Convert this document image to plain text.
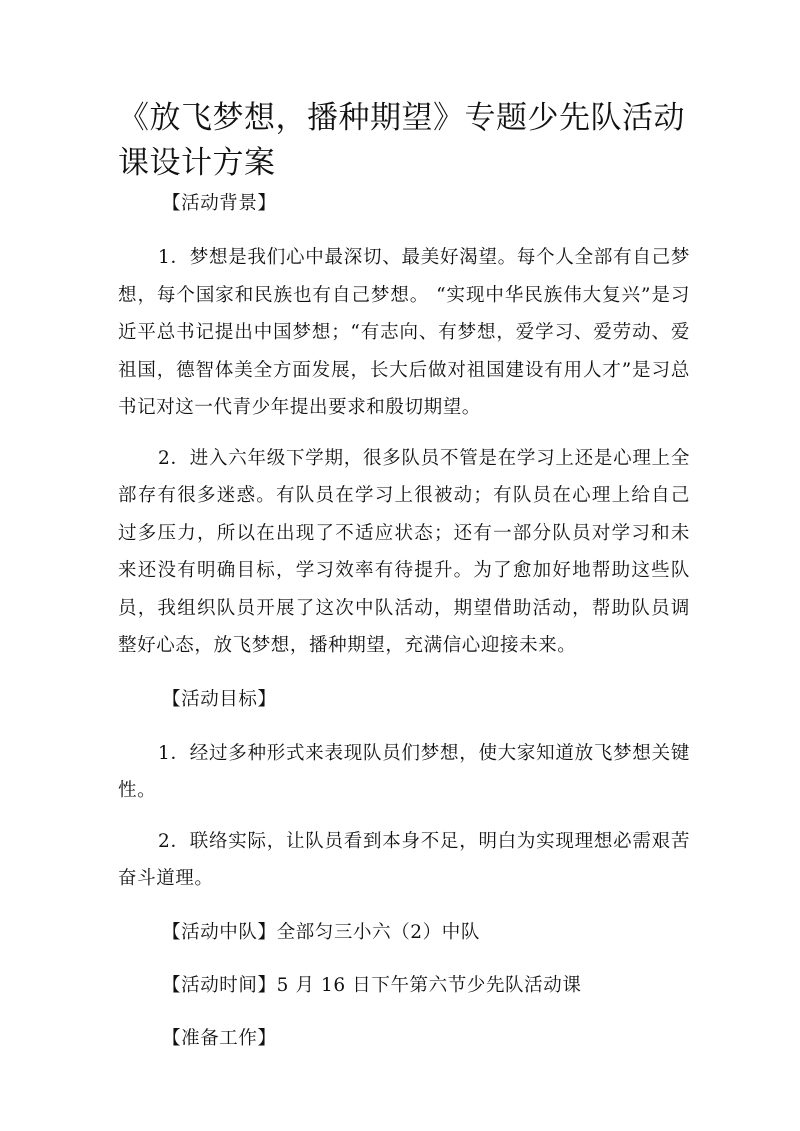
《放飞梦想，播种期望》专题少先队活动课设计方案

【活动背景】

1．梦想是我们心中最深切、最美好渴望。每个人全部有自己梦想，每个国家和民族也有自己梦想。 “实现中华民族伟大复兴”是习近平总书记提出中国梦想；“有志向、有梦想，爱学习、爱劳动、爱祖国，德智体美全方面发展，长大后做对祖国建设有用人才”是习总书记对这一代青少年提出要求和殷切期望。

2．进入六年级下学期，很多队员不管是在学习上还是心理上全部存有很多迷惑。有队员在学习上很被动；有队员在心理上给自己过多压力，所以在出现了不适应状态；还有一部分队员对学习和未来还没有明确目标，学习效率有待提升。为了愈加好地帮助这些队员，我组织队员开展了这次中队活动，期望借助活动，帮助队员调整好心态，放飞梦想，播种期望，充满信心迎接未来。

【活动目标】

1．经过多种形式来表现队员们梦想，使大家知道放飞梦想关键性。

2．联络实际，让队员看到本身不足，明白为实现理想必需艰苦奋斗道理。

【活动中队】全部匀三小六（2）中队

【活动时间】5 月 16 日下午第六节少先队活动课

【准备工作】
